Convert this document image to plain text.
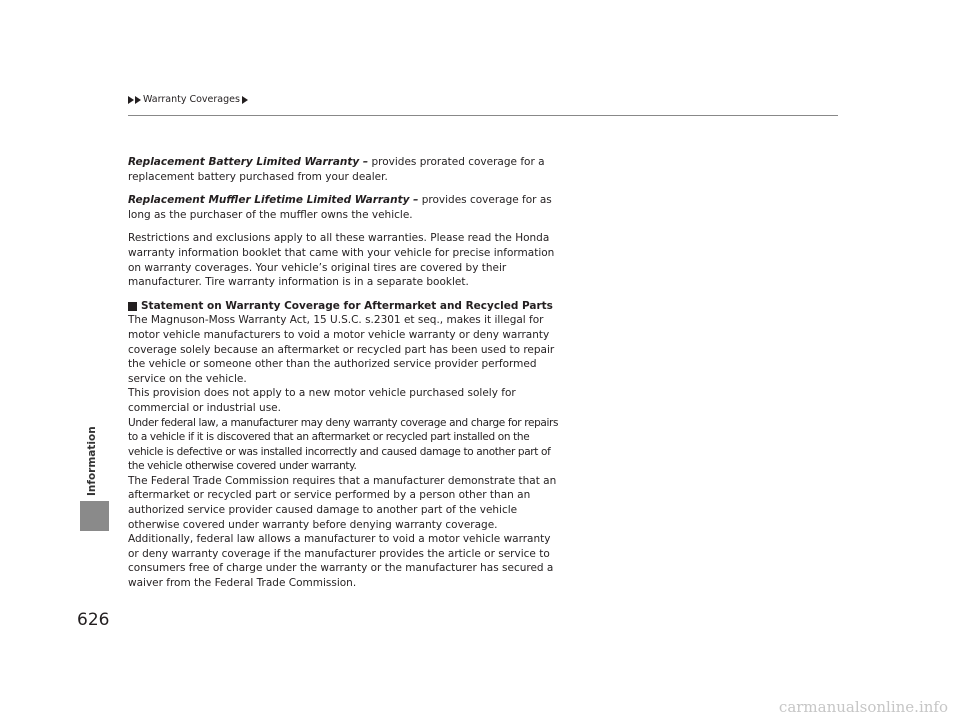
Warranty Coverages
Information
626

Replacement Battery Limited Warranty – provides prorated coverage for a replacement battery purchased from your dealer.

Replacement Muffler Lifetime Limited Warranty – provides coverage for as long as the purchaser of the muffler owns the vehicle.

Restrictions and exclusions apply to all these warranties. Please read the Honda warranty information booklet that came with your vehicle for precise information on warranty coverages. Your vehicle’s original tires are covered by their manufacturer. Tire warranty information is in a separate booklet.

Statement on Warranty Coverage for Aftermarket and Recycled Parts

The Magnuson-Moss Warranty Act, 15 U.S.C. s.2301 et seq., makes it illegal for motor vehicle manufacturers to void a motor vehicle warranty or deny warranty coverage solely because an aftermarket or recycled part has been used to repair the vehicle or someone other than the authorized service provider performed service on the vehicle.

This provision does not apply to a new motor vehicle purchased solely for commercial or industrial use.

Under federal law, a manufacturer may deny warranty coverage and charge for repairs to a vehicle if it is discovered that an aftermarket or recycled part installed on the vehicle is defective or was installed incorrectly and caused damage to another part of the vehicle otherwise covered under warranty.

The Federal Trade Commission requires that a manufacturer demonstrate that an aftermarket or recycled part or service performed by a person other than an authorized service provider caused damage to another part of the vehicle otherwise covered under warranty before denying warranty coverage.

Additionally, federal law allows a manufacturer to void a motor vehicle warranty or deny warranty coverage if the manufacturer provides the article or service to consumers free of charge under the warranty or the manufacturer has secured a waiver from the Federal Trade Commission.

carmanualsonline.info
